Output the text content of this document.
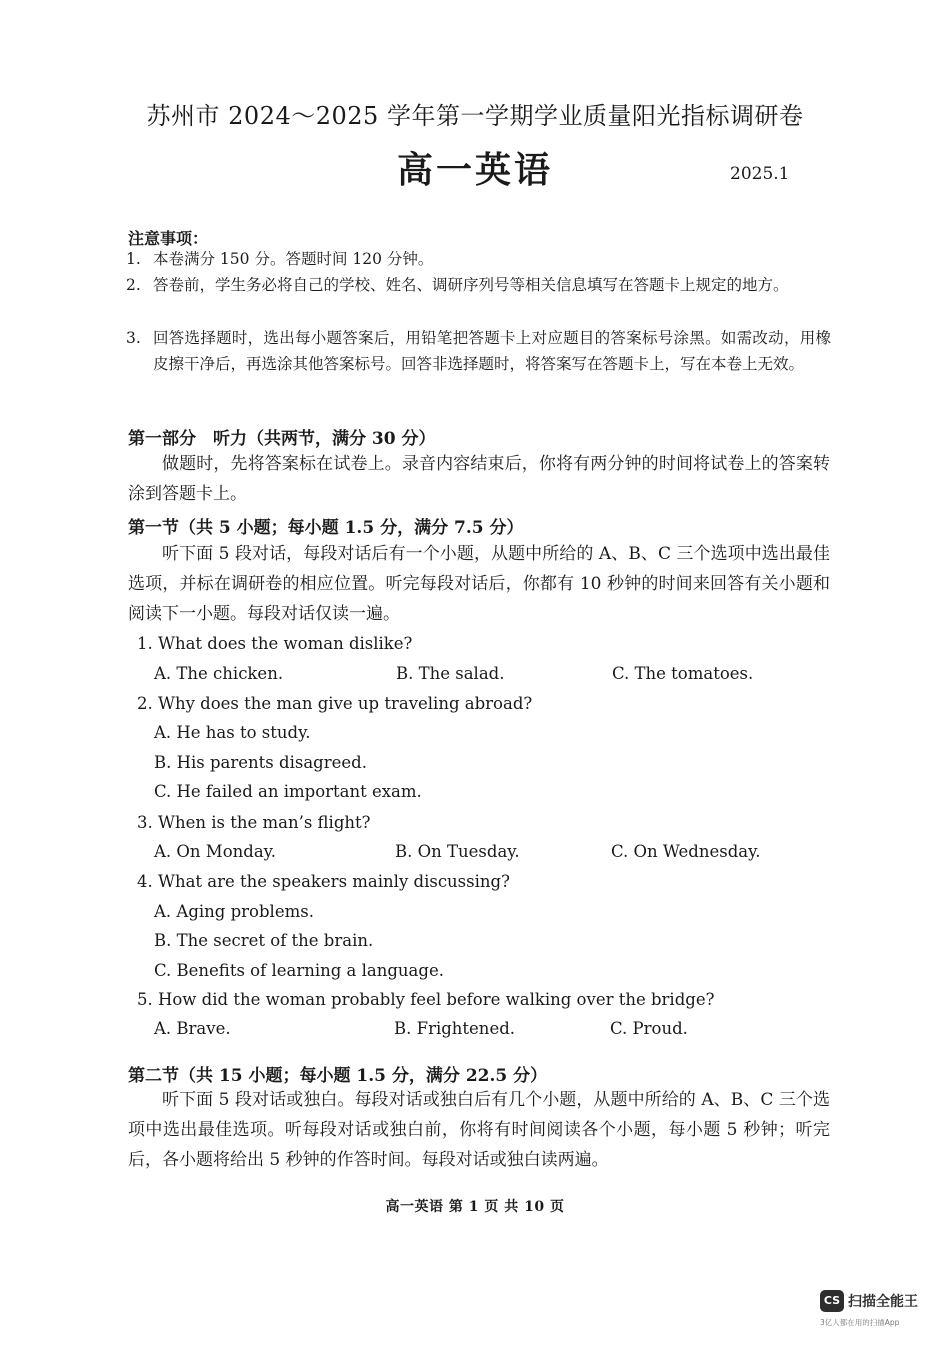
苏州市 2024～2025 学年第一学期学业质量阳光指标调研卷
高一英语	2025.1
注意事项：
1. 本卷满分 150 分。答题时间 120 分钟。
2. 答卷前，学生务必将自己的学校、姓名、调研序列号等相关信息填写在答题卡上规定的地方。
3. 回答选择题时，选出每小题答案后，用铅笔把答题卡上对应题目的答案标号涂黑。如需改动，用橡皮擦干净后，再选涂其他答案标号。回答非选择题时，将答案写在答题卡上，写在本卷上无效。
第一部分　听力（共两节，满分 30 分）
做题时，先将答案标在试卷上。录音内容结束后，你将有两分钟的时间将试卷上的答案转涂到答题卡上。
第一节（共 5 小题；每小题 1.5 分，满分 7.5 分）
听下面 5 段对话，每段对话后有一个小题，从题中所给的 A、B、C 三个选项中选出最佳选项，并标在调研卷的相应位置。听完每段对话后，你都有 10 秒钟的时间来回答有关小题和阅读下一小题。每段对话仅读一遍。
1. What does the woman dislike?
A. The chicken.	B. The salad.	C. The tomatoes.
2. Why does the man give up traveling abroad?
A. He has to study.
B. His parents disagreed.
C. He failed an important exam.
3. When is the man’s flight?
A. On Monday.	B. On Tuesday.	C. On Wednesday.
4. What are the speakers mainly discussing?
A. Aging problems.
B. The secret of the brain.
C. Benefits of learning a language.
5. How did the woman probably feel before walking over the bridge?
A. Brave.	B. Frightened.	C. Proud.
第二节（共 15 小题；每小题 1.5 分，满分 22.5 分）
听下面 5 段对话或独白。每段对话或独白后有几个小题，从题中所给的 A、B、C 三个选项中选出最佳选项。听每段对话或独白前，你将有时间阅读各个小题，每小题 5 秒钟；听完后，各小题将给出 5 秒钟的作答时间。每段对话或独白读两遍。
高一英语 第 1 页 共 10 页
CS 扫描全能王
3亿人都在用的扫描App
